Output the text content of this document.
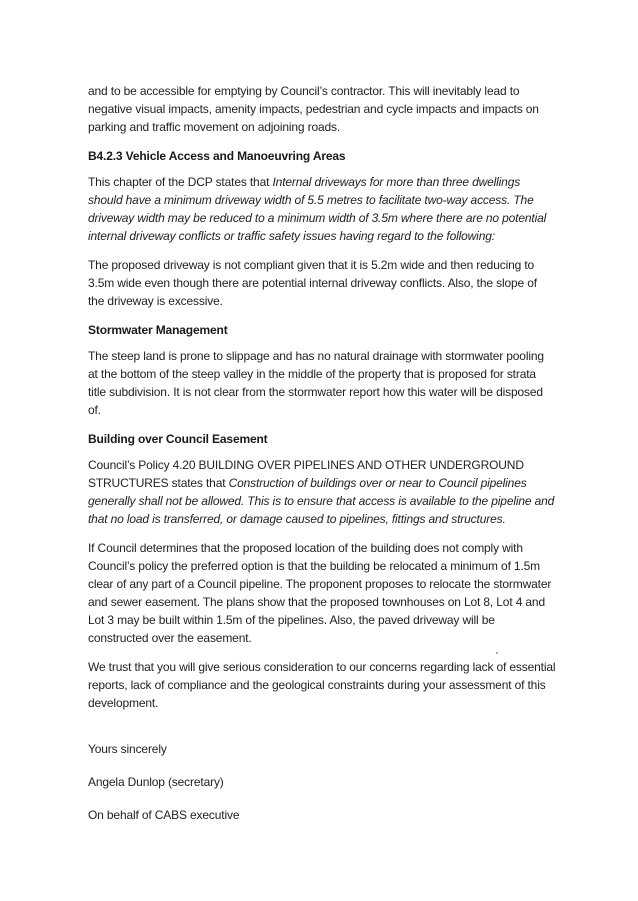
and to be accessible for emptying by Council’s contractor. This will inevitably lead to negative visual impacts, amenity impacts, pedestrian and cycle impacts and impacts on parking and traffic movement on adjoining roads.

B4.2.3 Vehicle Access and Manoeuvring Areas

This chapter of the DCP states that Internal driveways for more than three dwellings should have a minimum driveway width of 5.5 metres to facilitate two-way access. The driveway width may be reduced to a minimum width of 3.5m where there are no potential internal driveway conflicts or traffic safety issues having regard to the following:

The proposed driveway is not compliant given that it is 5.2m wide and then reducing to 3.5m wide even though there are potential internal driveway conflicts. Also, the slope of the driveway is excessive.

Stormwater Management

The steep land is prone to slippage and has no natural drainage with stormwater pooling at the bottom of the steep valley in the middle of the property that is proposed for strata title subdivision. It is not clear from the stormwater report how this water will be disposed of.

Building over Council Easement

Council’s Policy 4.20 BUILDING OVER PIPELINES AND OTHER UNDERGROUND STRUCTURES states that Construction of buildings over or near to Council pipelines generally shall not be allowed. This is to ensure that access is available to the pipeline and that no load is transferred, or damage caused to pipelines, fittings and structures.

If Council determines that the proposed location of the building does not comply with Council’s policy the preferred option is that the building be relocated a minimum of 1.5m clear of any part of a Council pipeline. The proponent proposes to relocate the stormwater and sewer easement. The plans show that the proposed townhouses on Lot 8, Lot 4 and Lot 3 may be built within 1.5m of the pipelines. Also, the paved driveway will be constructed over the easement.

We trust that you will give serious consideration to our concerns regarding lack of essential reports, lack of compliance and the geological constraints during your assessment of this development.

Yours sincerely

Angela Dunlop (secretary)

On behalf of CABS executive
